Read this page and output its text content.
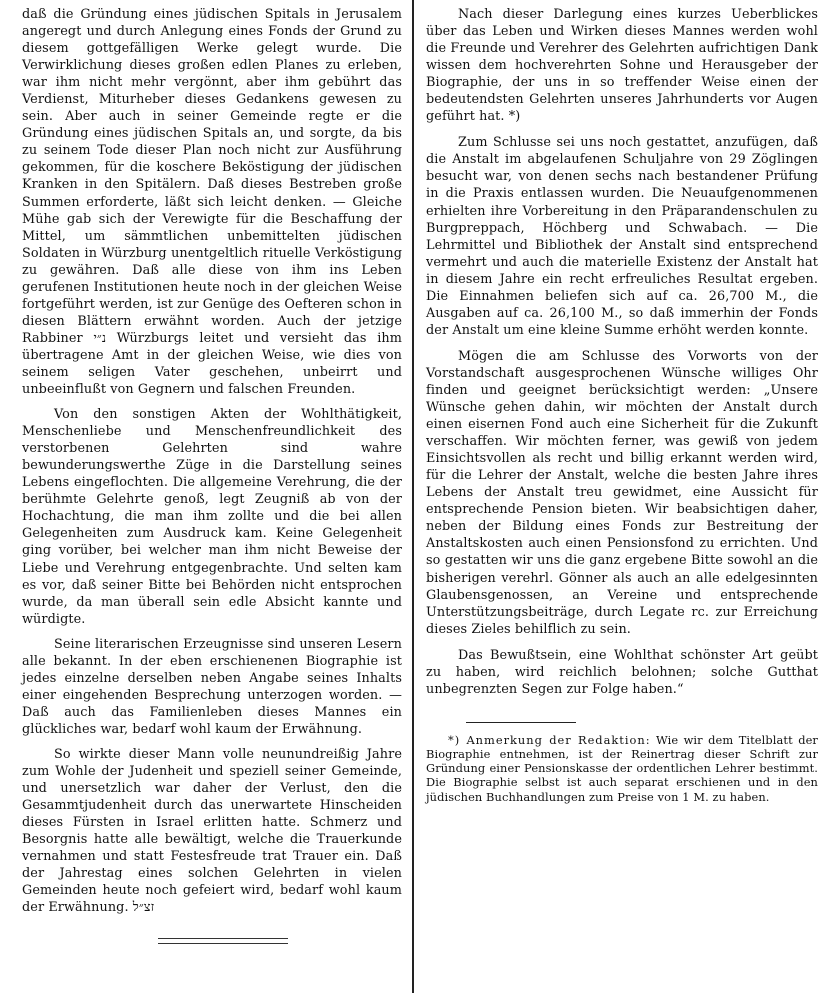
daß die Gründung eines jüdischen Spitals in Jerusalem angeregt und durch Anlegung eines Fonds der Grund zu diesem gottgefälligen Werke gelegt wurde. Die Verwirklichung dieses großen edlen Planes zu erleben, war ihm nicht mehr vergönnt, aber ihm gebührt das Verdienst, Miturheber dieses Gedankens gewesen zu sein. Aber auch in seiner Gemeinde regte er die Gründung eines jüdischen Spitals an, und sorgte, da bis zu seinem Tode dieser Plan noch nicht zur Ausführung gekommen, für die koschere Beköstigung der jüdischen Kranken in den Spitälern. Daß dieses Bestreben große Summen erforderte, läßt sich leicht denken. — Gleiche Mühe gab sich der Verewigte für die Beschaffung der Mittel, um sämmtlichen unbemittelten jüdischen Soldaten in Würzburg unentgeltlich rituelle Verköstigung zu gewähren. Daß alle diese von ihm ins Leben gerufenen Institutionen heute noch in der gleichen Weise fortgeführt werden, ist zur Genüge des Oefteren schon in diesen Blättern erwähnt worden. Auch der jetzige Rabbiner נ״י Würzburgs leitet und versieht das ihm übertragene Amt in der gleichen Weise, wie dies von seinem seligen Vater geschehen, unbeirrt und unbeeinflußt von Gegnern und falschen Freunden.

Von den sonstigen Akten der Wohlthätigkeit, Menschenliebe und Menschenfreundlichkeit des verstorbenen Gelehrten sind wahre bewunderungswerthe Züge in die Darstellung seines Lebens eingeflochten. Die allgemeine Verehrung, die der berühmte Gelehrte genoß, legt Zeugniß ab von der Hochachtung, die man ihm zollte und die bei allen Gelegenheiten zum Ausdruck kam. Keine Gelegenheit ging vorüber, bei welcher man ihm nicht Beweise der Liebe und Verehrung entgegenbrachte. Und selten kam es vor, daß seiner Bitte bei Behörden nicht entsprochen wurde, da man überall sein edle Absicht kannte und würdigte.

Seine literarischen Erzeugnisse sind unseren Lesern alle bekannt. In der eben erschienenen Biographie ist jedes einzelne derselben neben Angabe seines Inhalts einer eingehenden Besprechung unterzogen worden. — Daß auch das Familienleben dieses Mannes ein glückliches war, bedarf wohl kaum der Erwähnung.

So wirkte dieser Mann volle neunundreißig Jahre zum Wohle der Judenheit und speziell seiner Gemeinde, und unersetzlich war daher der Verlust, den die Gesammtjudenheit durch das unerwartete Hinscheiden dieses Fürsten in Israel erlitten hatte. Schmerz und Besorgnis hatte alle bewältigt, welche die Trauerkunde vernahmen und statt Festesfreude trat Trauer ein. Daß der Jahrestag eines solchen Gelehrten in vielen Gemeinden heute noch gefeiert wird, bedarf wohl kaum der Erwähnung. זצ״ל

Nach dieser Darlegung eines kurzes Ueberblickes über das Leben und Wirken dieses Mannes werden wohl die Freunde und Verehrer des Gelehrten aufrichtigen Dank wissen dem hochverehrten Sohne und Herausgeber der Biographie, der uns in so treffender Weise einen der bedeutendsten Gelehrten unseres Jahrhunderts vor Augen geführt hat. *)

Zum Schlusse sei uns noch gestattet, anzufügen, daß die Anstalt im abgelaufenen Schuljahre von 29 Zöglingen besucht war, von denen sechs nach bestandener Prüfung in die Praxis entlassen wurden. Die Neuaufgenommenen erhielten ihre Vorbereitung in den Präparandenschulen zu Burgpreppach, Höchberg und Schwabach. — Die Lehrmittel und Bibliothek der Anstalt sind entsprechend vermehrt und auch die materielle Existenz der Anstalt hat in diesem Jahre ein recht erfreuliches Resultat ergeben. Die Einnahmen beliefen sich auf ca. 26,700 M., die Ausgaben auf ca. 26,100 M., so daß immerhin der Fonds der Anstalt um eine kleine Summe erhöht werden konnte.

Mögen die am Schlusse des Vorworts von der Vorstandschaft ausgesprochenen Wünsche williges Ohr finden und geeignet berücksichtigt werden: „Unsere Wünsche gehen dahin, wir möchten der Anstalt durch einen eisernen Fond auch eine Sicherheit für die Zukunft verschaffen. Wir möchten ferner, was gewiß von jedem Einsichtsvollen als recht und billig erkannt werden wird, für die Lehrer der Anstalt, welche die besten Jahre ihres Lebens der Anstalt treu gewidmet, eine Aussicht für entsprechende Pension bieten. Wir beabsichtigen daher, neben der Bildung eines Fonds zur Bestreitung der Anstaltskosten auch einen Pensionsfond zu errichten. Und so gestatten wir uns die ganz ergebene Bitte sowohl an die bisherigen verehrl. Gönner als auch an alle edelgesinnten Glaubensgenossen, an Vereine und entsprechende Unterstützungsbeiträge, durch Legate rc. zur Erreichung dieses Zieles behilflich zu sein.

Das Bewußtsein, eine Wohlthat schönster Art geübt zu haben, wird reichlich belohnen; solche Gutthat unbegrenzten Segen zur Folge haben.“

*) Anmerkung der Redaktion: Wie wir dem Titelblatt der Biographie entnehmen, ist der Reinertrag dieser Schrift zur Gründung einer Pensionskasse der ordentlichen Lehrer bestimmt. Die Biographie selbst ist auch separat erschienen und in den jüdischen Buchhandlungen zum Preise von 1 M. zu haben.
